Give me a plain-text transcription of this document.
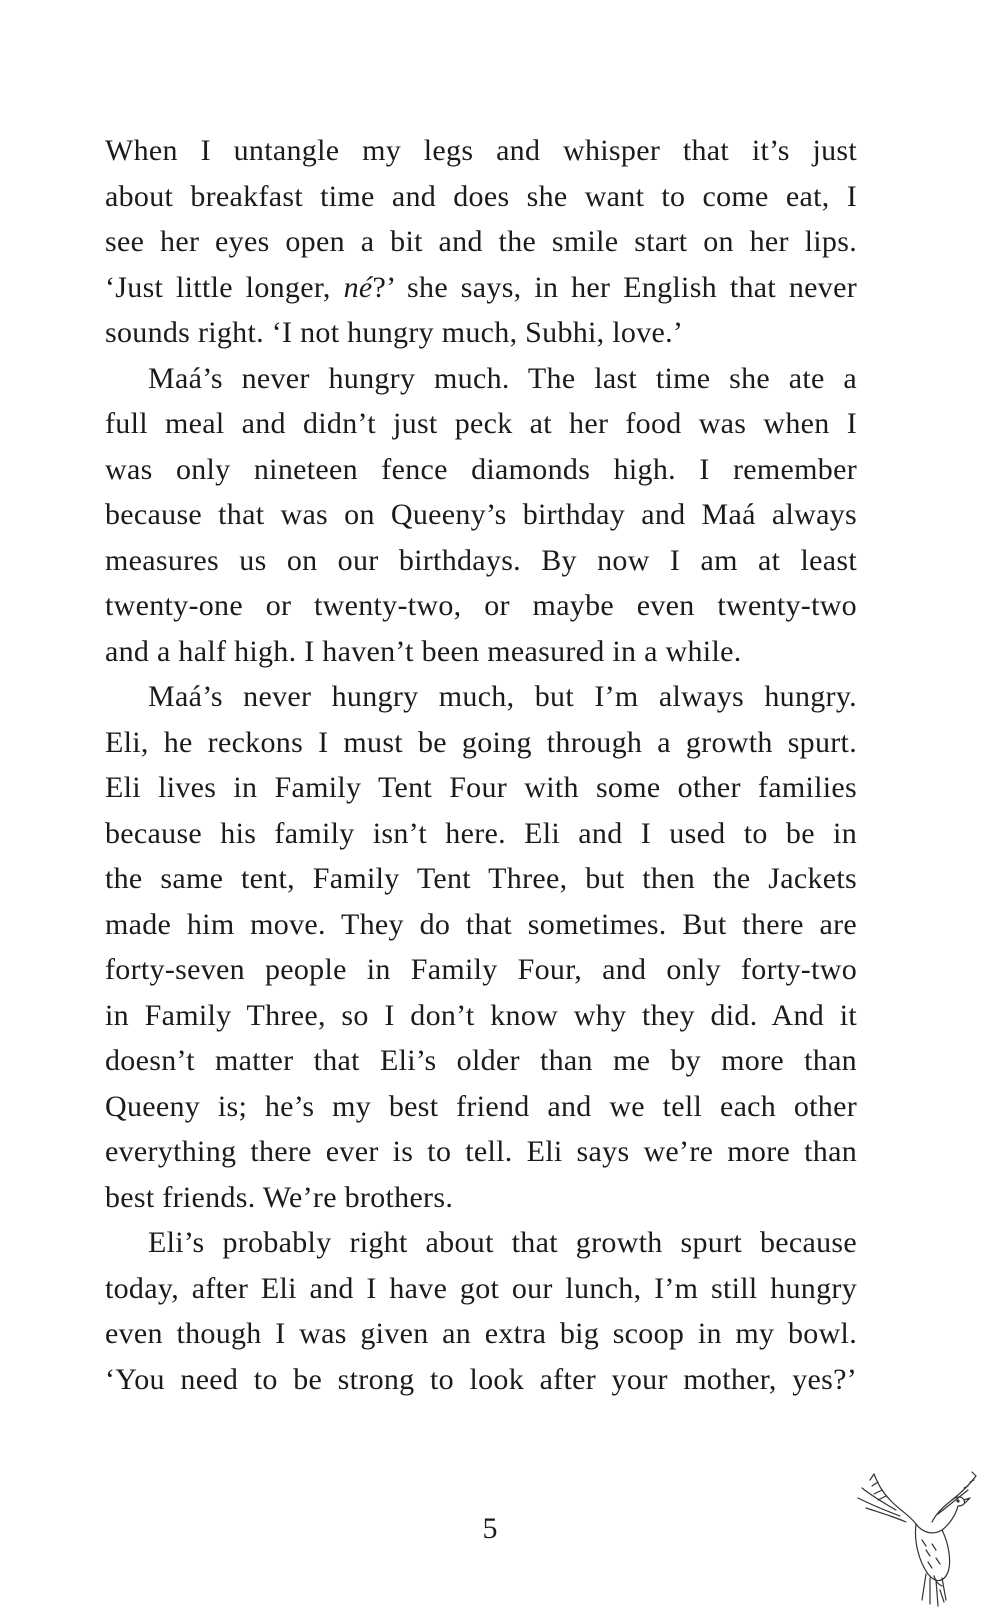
When I untangle my legs and whisper that it’s just
about breakfast time and does she want to come eat, I
see her eyes open a bit and the smile start on her lips.
‘Just little longer, né?’ she says, in her English that never
sounds right. ‘I not hungry much, Subhi, love.’
Maá’s never hungry much. The last time she ate a
full meal and didn’t just peck at her food was when I
was only nineteen fence diamonds high. I remember
because that was on Queeny’s birthday and Maá always
measures us on our birthdays. By now I am at least
twenty-one or twenty-two, or maybe even twenty-two
and a half high. I haven’t been measured in a while.
Maá’s never hungry much, but I’m always hungry.
Eli, he reckons I must be going through a growth spurt.
Eli lives in Family Tent Four with some other families
because his family isn’t here. Eli and I used to be in
the same tent, Family Tent Three, but then the Jackets
made him move. They do that sometimes. But there are
forty-seven people in Family Four, and only forty-two
in Family Three, so I don’t know why they did. And it
doesn’t matter that Eli’s older than me by more than
Queeny is; he’s my best friend and we tell each other
everything there ever is to tell. Eli says we’re more than
best friends. We’re brothers.
Eli’s probably right about that growth spurt because
today, after Eli and I have got our lunch, I’m still hungry
even though I was given an extra big scoop in my bowl.
‘You need to be strong to look after your mother, yes?’
5
